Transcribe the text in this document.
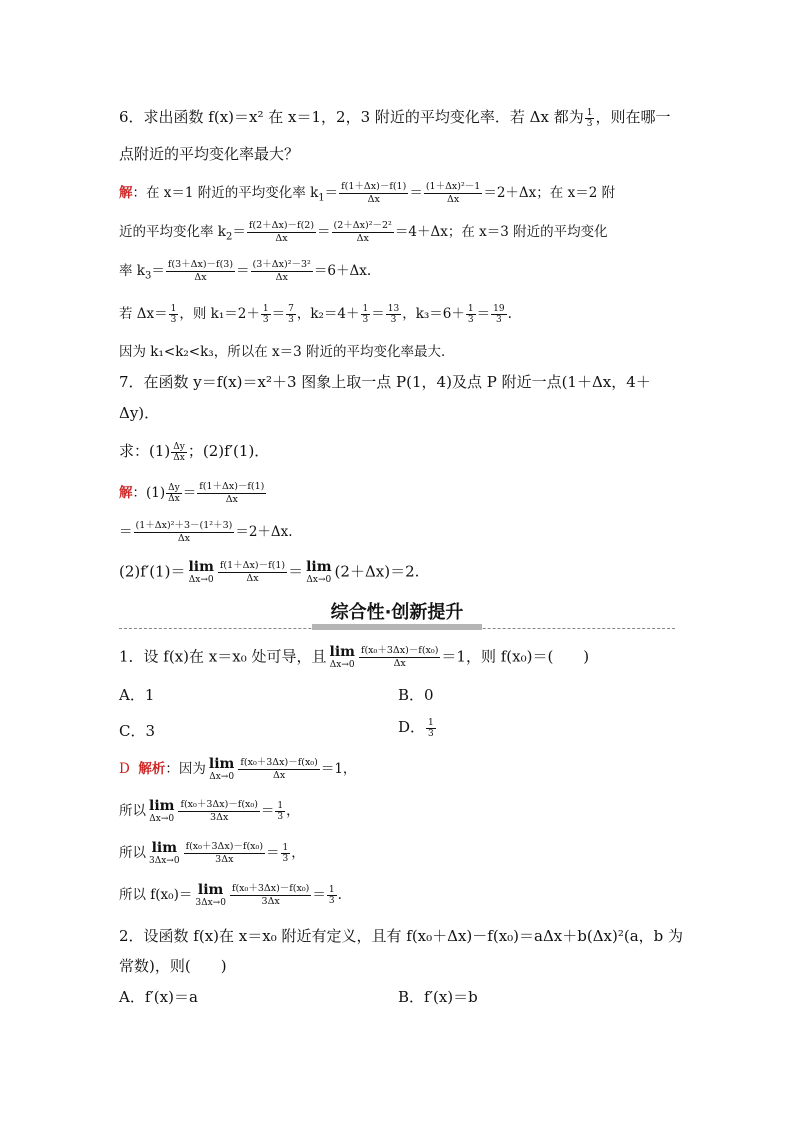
6．求出函数 f(x)＝x² 在 x＝1，2，3 附近的平均变化率．若 Δx 都为 $\frac{1}{3}$ ，则在哪一
点附近的平均变化率最大？
解：在 x＝1 附近的平均变化率 $k_1= \frac{f(1+\Delta x)-f(1)}{\Delta x} = \frac{\text{(1＋Δx)²－1}}{\Delta x} =2+\Delta x$；在 x＝2 附
近的平均变化率 $k_2= \frac{f(2+\Delta x)-f(2)}{\Delta x} = \frac{\text{(2＋Δx)²－2²}}{\Delta x} =4+\Delta x$；在 x＝3 附近的平均变化
率 $k_3= \frac{f(3+\Delta x)-f(3)}{\Delta x} = \frac{\text{(3＋Δx)²－3²}}{\Delta x} =6+\Delta x$.
若 $\Delta x= \frac{1}{3}$ ，则 $k_1=2+ \frac{1}{3} = \frac{7}{3}$ ，$k_2=4+ \frac{1}{3} = \frac{13}{3}$ ，$k_3=6+ \frac{1}{3} = \frac{19}{3}$ .
因为 k₁<k₂<k₃，所以在 x＝3 附近的平均变化率最大．
7．在函数 y＝f(x)＝x²＋3 图象上取一点 P(1，4)及点 P 附近一点(1＋Δx，4＋
Δy)．
求：$(1) \frac{\Delta y}{\Delta x}$ ；(2)f′(1)．
解：$(1) \frac{\Delta y}{\Delta x} = \frac{f(1+\Delta x)-f(1)}{\Delta x}$
＝ $\frac{\text{(1＋Δx)²＋3－(1²＋3)}}{\Delta x} =2+\Delta x$.
(2)f′(1)＝ lim
$\Delta x\to 0 \frac{f(1+\Delta x)-f(1)}{\Delta x} = \lim$
Δx→0 (2＋Δx)＝2.
综合性·创新提升
1．设 f(x)在 x＝x₀ 处可导，且 lim
$\Delta x\to 0 \frac{\text{f(x₀＋3Δx)－f(x₀)}}{\Delta x} =1$，则 f(x₀)＝(　　)
A．1	B．0
C．3	D． $\frac{1}{3}$
D 解析：因为 lim
$\Delta x\to 0 \frac{\text{f(x₀＋3Δx)－f(x₀)}}{\Delta x} =1$，
所以 lim
$\Delta x\to 0 \frac{\text{f(x₀＋3Δx)－f(x₀)}}{3\Delta x} = \frac{1}{3}$ ，
所以 lim
$3\Delta x\to 0 \frac{\text{f(x₀＋3Δx)－f(x₀)}}{3\Delta x} = \frac{1}{3}$ ，
所以 f(x₀)＝ lim
$3\Delta x\to 0 \frac{\text{f(x₀＋3Δx)－f(x₀)}}{3\Delta x} = \frac{1}{3}$ .
2．设函数 f(x)在 x＝x₀ 附近有定义，且有 f(x₀＋Δx)－f(x₀)＝aΔx＋b(Δx)²(a，b 为
常数)，则(　　)
A．f′(x)＝a	B．f′(x)＝b
